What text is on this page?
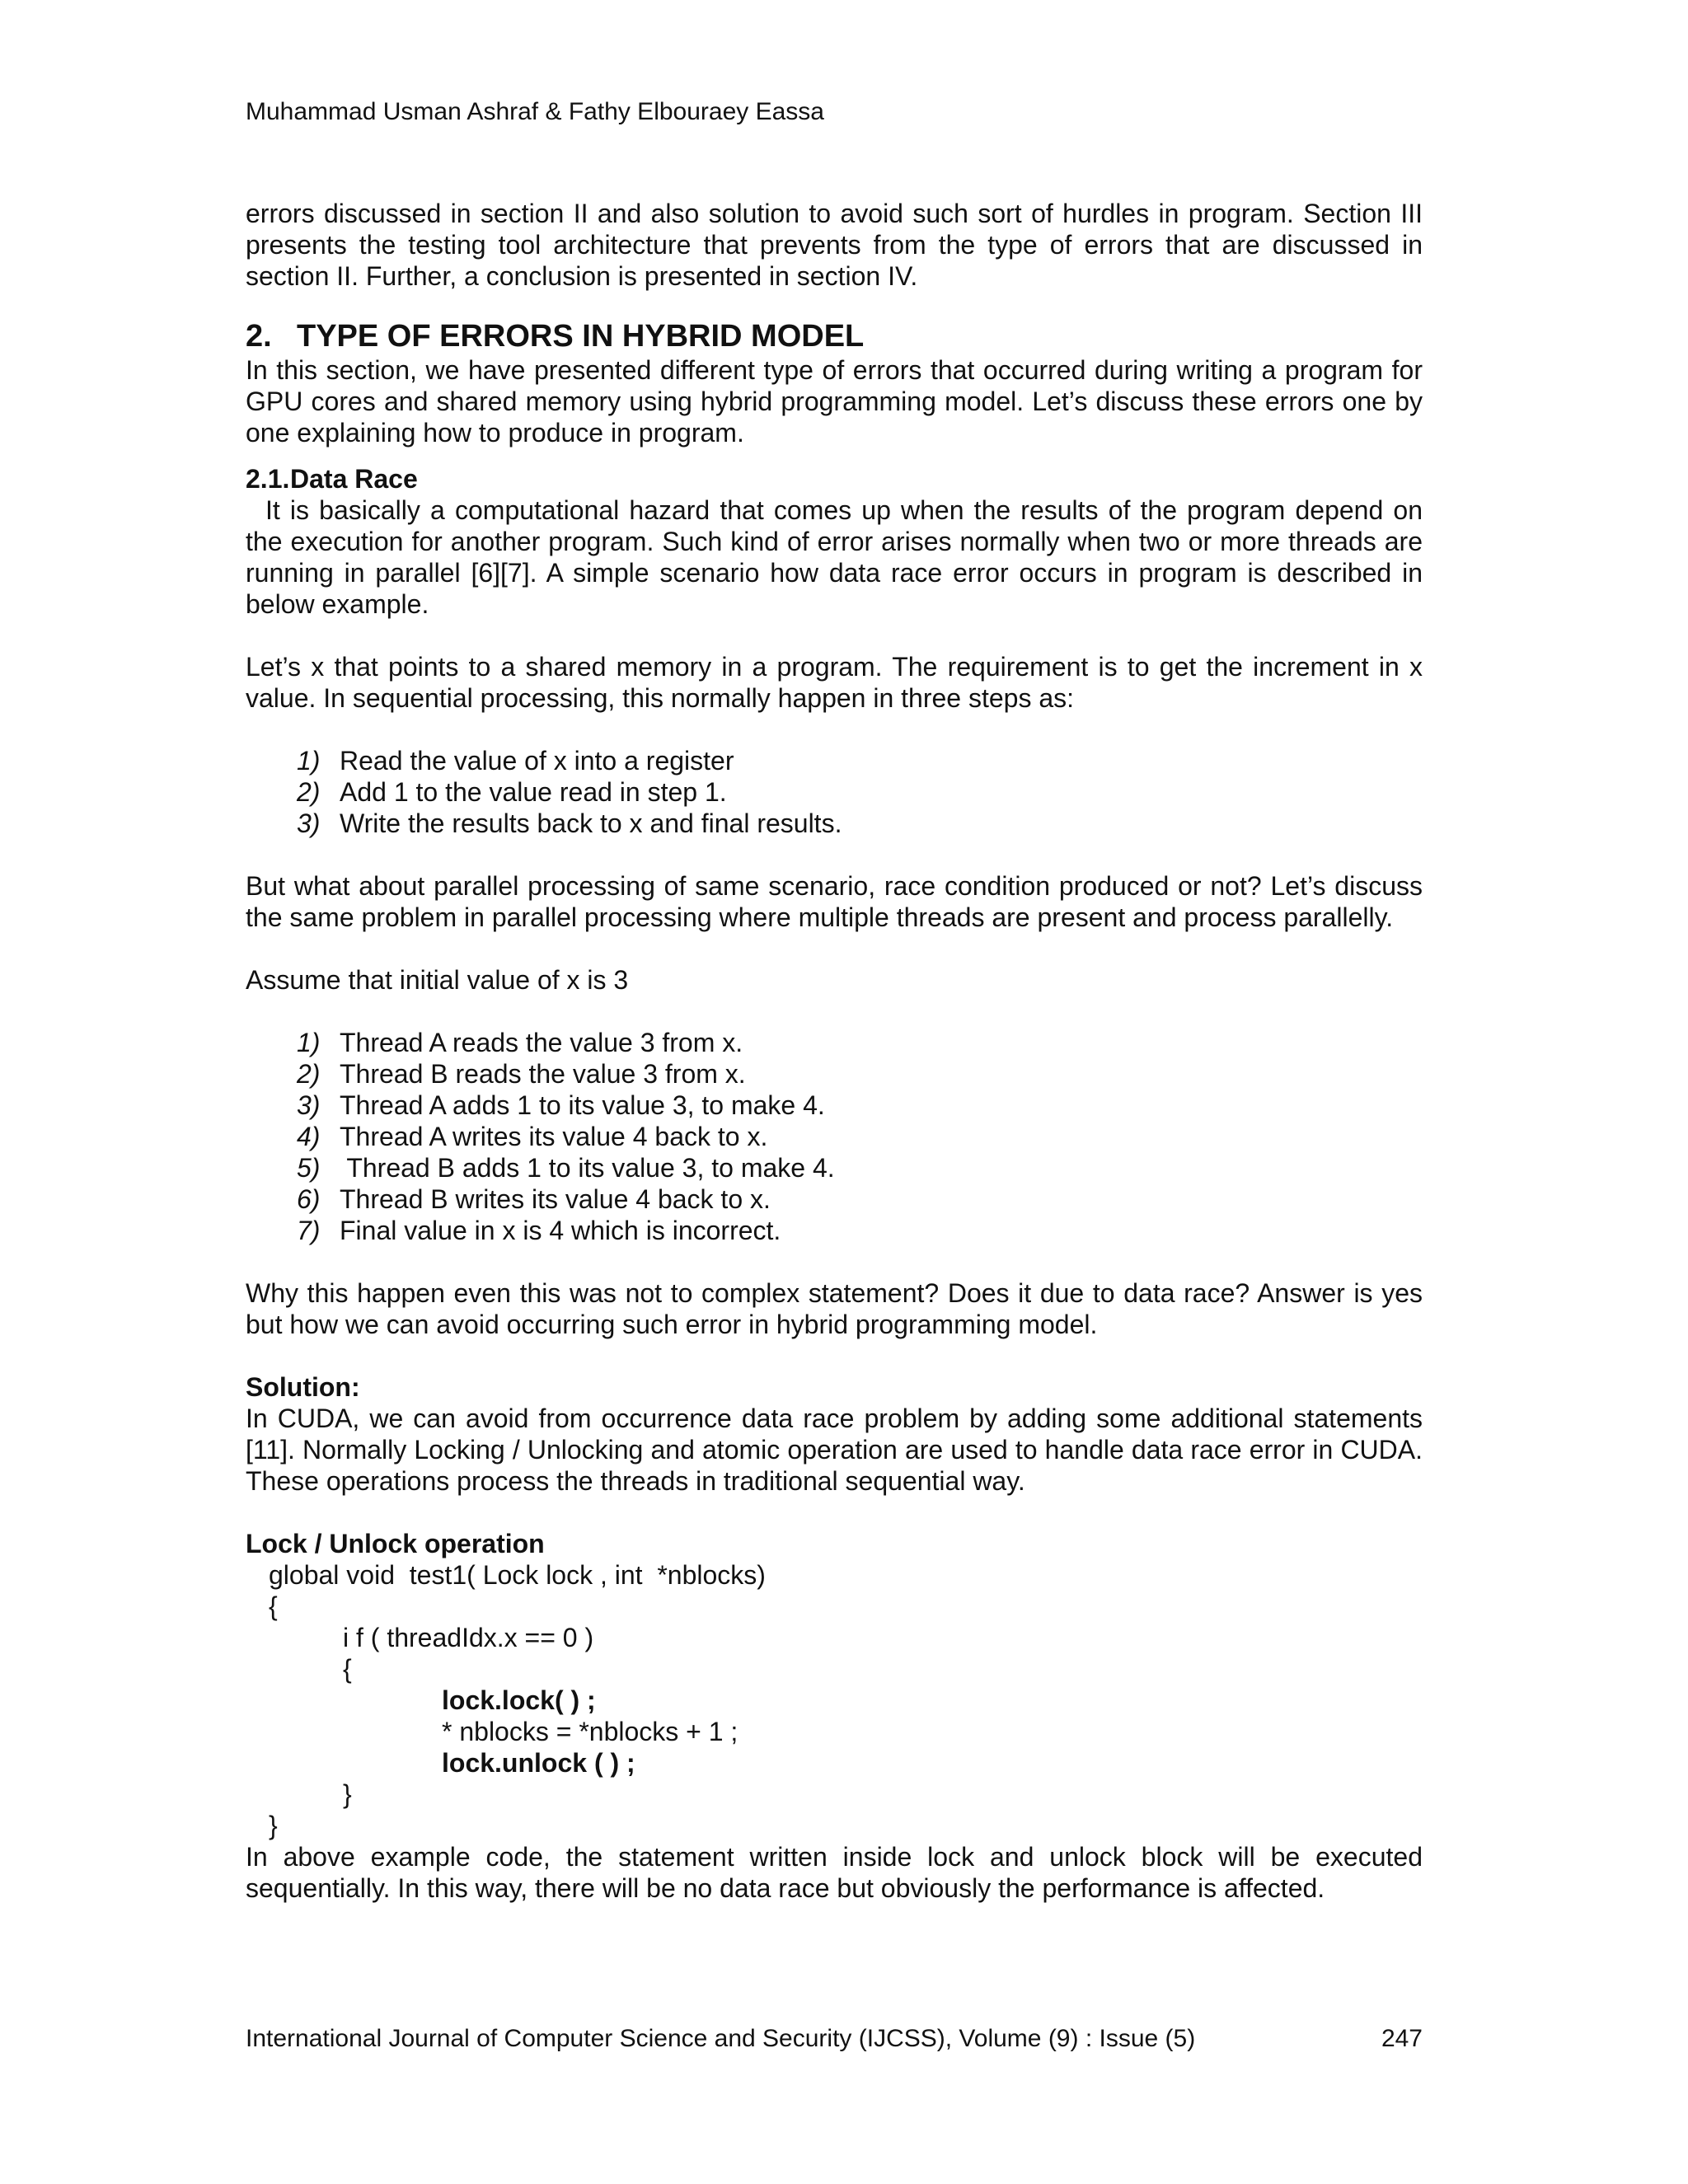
Muhammad Usman Ashraf & Fathy Elbouraey Eassa

errors discussed in section II and also solution to avoid such sort of hurdles in program. Section III presents the testing tool architecture that prevents from the type of errors that are discussed in section II. Further, a conclusion is presented in section IV.

2. TYPE OF ERRORS IN HYBRID MODEL

In this section, we have presented different type of errors that occurred during writing a program for GPU cores and shared memory using hybrid programming model. Let’s discuss these errors one by one explaining how to produce in program.

2.1.Data Race

It is basically a computational hazard that comes up when the results of the program depend on the execution for another program. Such kind of error arises normally when two or more threads are running in parallel [6][7]. A simple scenario how data race error occurs in program is described in below example.

Let’s x that points to a shared memory in a program. The requirement is to get the increment in x value. In sequential processing, this normally happen in three steps as:

1) Read the value of x into a register
2) Add 1 to the value read in step 1.
3) Write the results back to x and final results.

But what about parallel processing of same scenario, race condition produced or not? Let’s discuss the same problem in parallel processing where multiple threads are present and process parallelly.

Assume that initial value of x is 3

1) Thread A reads the value 3 from x.
2) Thread B reads the value 3 from x.
3) Thread A adds 1 to its value 3, to make 4.
4) Thread A writes its value 4 back to x.
5) Thread B adds 1 to its value 3, to make 4.
6) Thread B writes its value 4 back to x.
7) Final value in x is 4 which is incorrect.

Why this happen even this was not to complex statement? Does it due to data race? Answer is yes but how we can avoid occurring such error in hybrid programming model.

Solution:

In CUDA, we can avoid from occurrence data race problem by adding some additional statements [11]. Normally Locking / Unlocking and atomic operation are used to handle data race error in CUDA. These operations process the threads in traditional sequential way.

Lock / Unlock operation

global void  test1( Lock lock , int  *nblocks)
{
i f ( threadIdx.x == 0 )
{
lock.lock( ) ;
* nblocks = *nblocks + 1 ;
lock.unlock ( ) ;
}
}

In above example code, the statement written inside lock and unlock block will be executed sequentially. In this way, there will be no data race but obviously the performance is affected.

International Journal of Computer Science and Security (IJCSS), Volume (9) : Issue (5)	247
